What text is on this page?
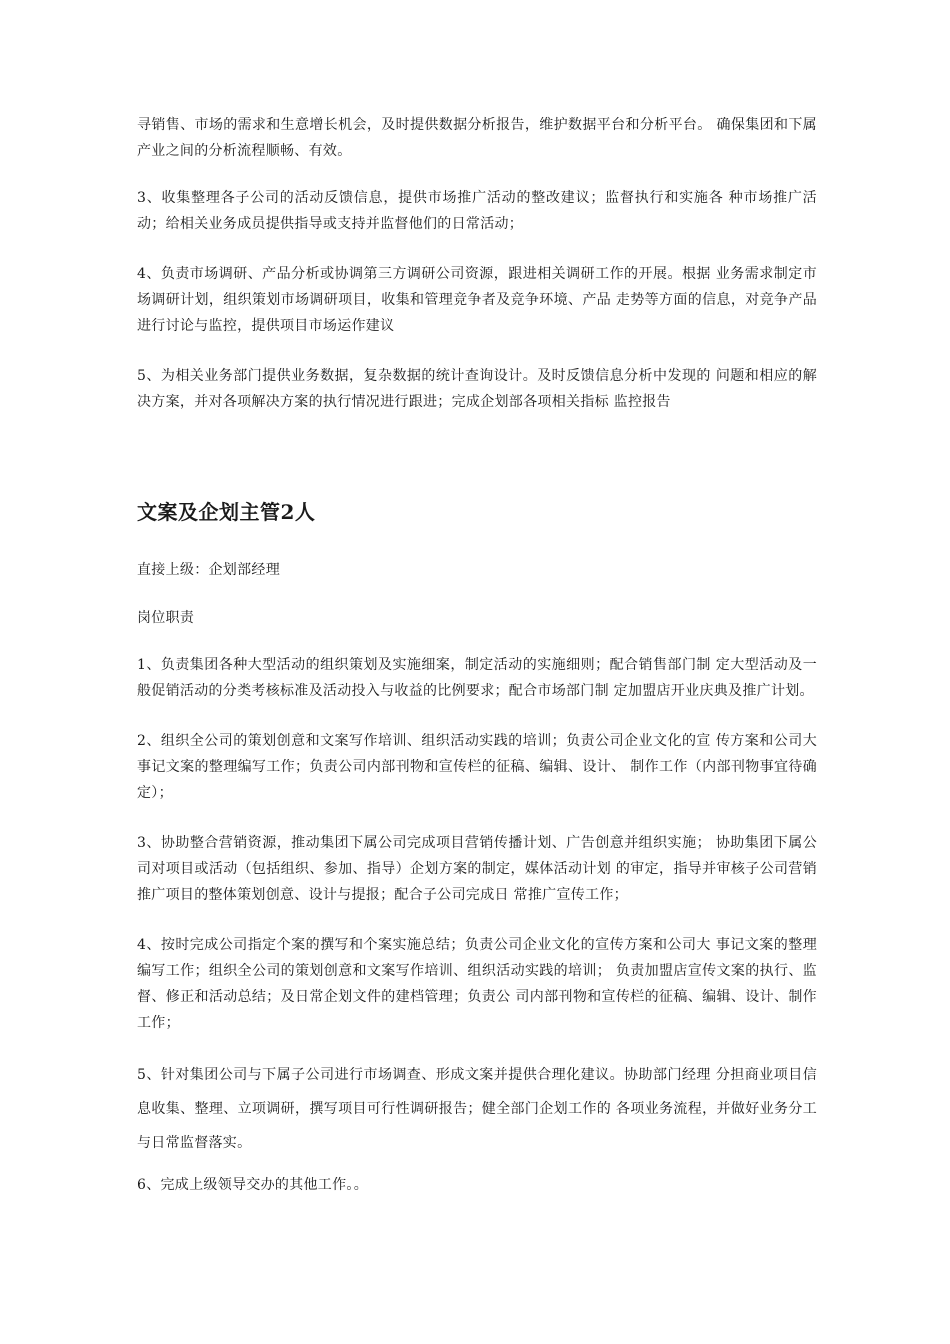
寻销售、市场的需求和生意增长机会，及时提供数据分析报告，维护数据平台和分析平台。 确保集团和下属产业之间的分析流程顺畅、有效。

3、收集整理各子公司的活动反馈信息，提供市场推广活动的整改建议；监督执行和实施各 种市场推广活动；给相关业务成员提供指导或支持并监督他们的日常活动；

4、负责市场调研、产品分析或协调第三方调研公司资源，跟进相关调研工作的开展。根据 业务需求制定市场调研计划，组织策划市场调研项目，收集和管理竞争者及竞争环境、产品 走势等方面的信息，对竞争产品进行讨论与监控，提供项目市场运作建议

5、为相关业务部门提供业务数据，复杂数据的统计查询设计。及时反馈信息分析中发现的 问题和相应的解决方案，并对各项解决方案的执行情况进行跟进；完成企划部各项相关指标 监控报告

文案及企划主管2人

直接上级：企划部经理

岗位职责

1、负责集团各种大型活动的组织策划及实施细案，制定活动的实施细则；配合销售部门制 定大型活动及一般促销活动的分类考核标准及活动投入与收益的比例要求；配合市场部门制 定加盟店开业庆典及推广计划。

2、组织全公司的策划创意和文案写作培训、组织活动实践的培训；负责公司企业文化的宣 传方案和公司大事记文案的整理编写工作；负责公司内部刊物和宣传栏的征稿、编辑、设计、 制作工作（内部刊物事宜待确定）；

3、协助整合营销资源，推动集团下属公司完成项目营销传播计划、广告创意并组织实施； 协助集团下属公司对项目或活动（包括组织、参加、指导）企划方案的制定，媒体活动计划 的审定，指导并审核子公司营销推广项目的整体策划创意、设计与提报；配合子公司完成日 常推广宣传工作；

4、按时完成公司指定个案的撰写和个案实施总结；负责公司企业文化的宣传方案和公司大 事记文案的整理编写工作；组织全公司的策划创意和文案写作培训、组织活动实践的培训； 负责加盟店宣传文案的执行、监督、修正和活动总结；及日常企划文件的建档管理；负责公 司内部刊物和宣传栏的征稿、编辑、设计、制作工作；

5、针对集团公司与下属子公司进行市场调查、形成文案并提供合理化建议。协助部门经理 分担商业项目信息收集、整理、立项调研，撰写项目可行性调研报告；健全部门企划工作的 各项业务流程，并做好业务分工与日常监督落实。

6、完成上级领导交办的其他工作。。
